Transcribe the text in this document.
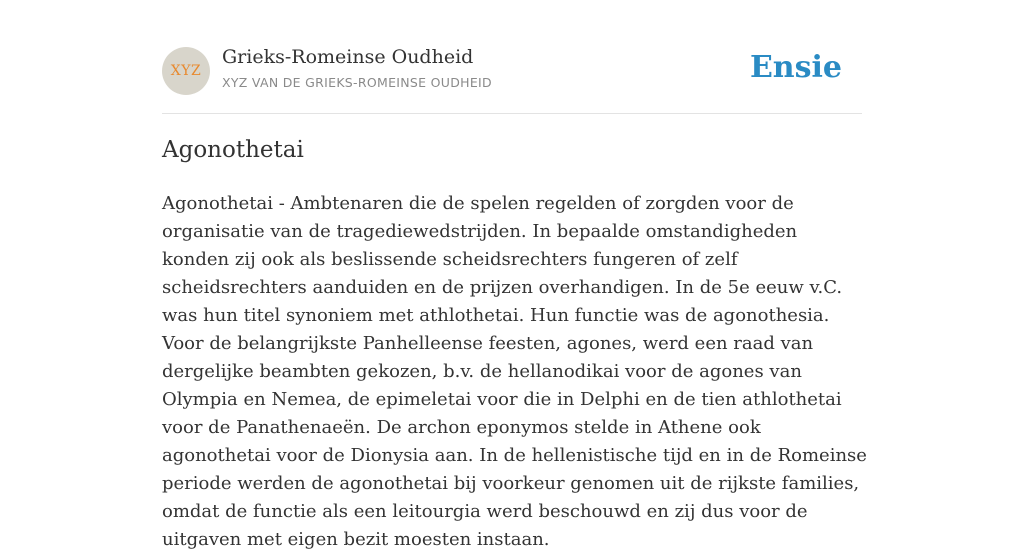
XYZ
Grieks-Romeinse Oudheid
XYZ VAN DE GRIEKS-ROMEINSE OUDHEID	Ensie
Agonothetai

Agonothetai - Ambtenaren die de spelen regelden of zorgden voor de organisatie van de tragediewedstrijden. In bepaalde omstandigheden konden zij ook als beslissende scheidsrechters fungeren of zelf scheidsrechters aanduiden en de prijzen overhandigen. In de 5e eeuw v.C. was hun titel synoniem met athlothetai. Hun functie was de agonothesia. Voor de belangrijkste Panhelleense feesten, agones, werd een raad van dergelijke beambten gekozen, b.v. de hellanodikai voor de agones van Olympia en Nemea, de epimeletai voor die in Delphi en de tien athlothetai voor de Panathenaeën. De archon eponymos stelde in Athene ook agonothetai voor de Dionysia aan. In de hellenistische tijd en in de Romeinse periode werden de agonothetai bij voorkeur genomen uit de rijkste families, omdat de functie als een leitourgia werd beschouwd en zij dus voor de uitgaven met eigen bezit moesten instaan.
